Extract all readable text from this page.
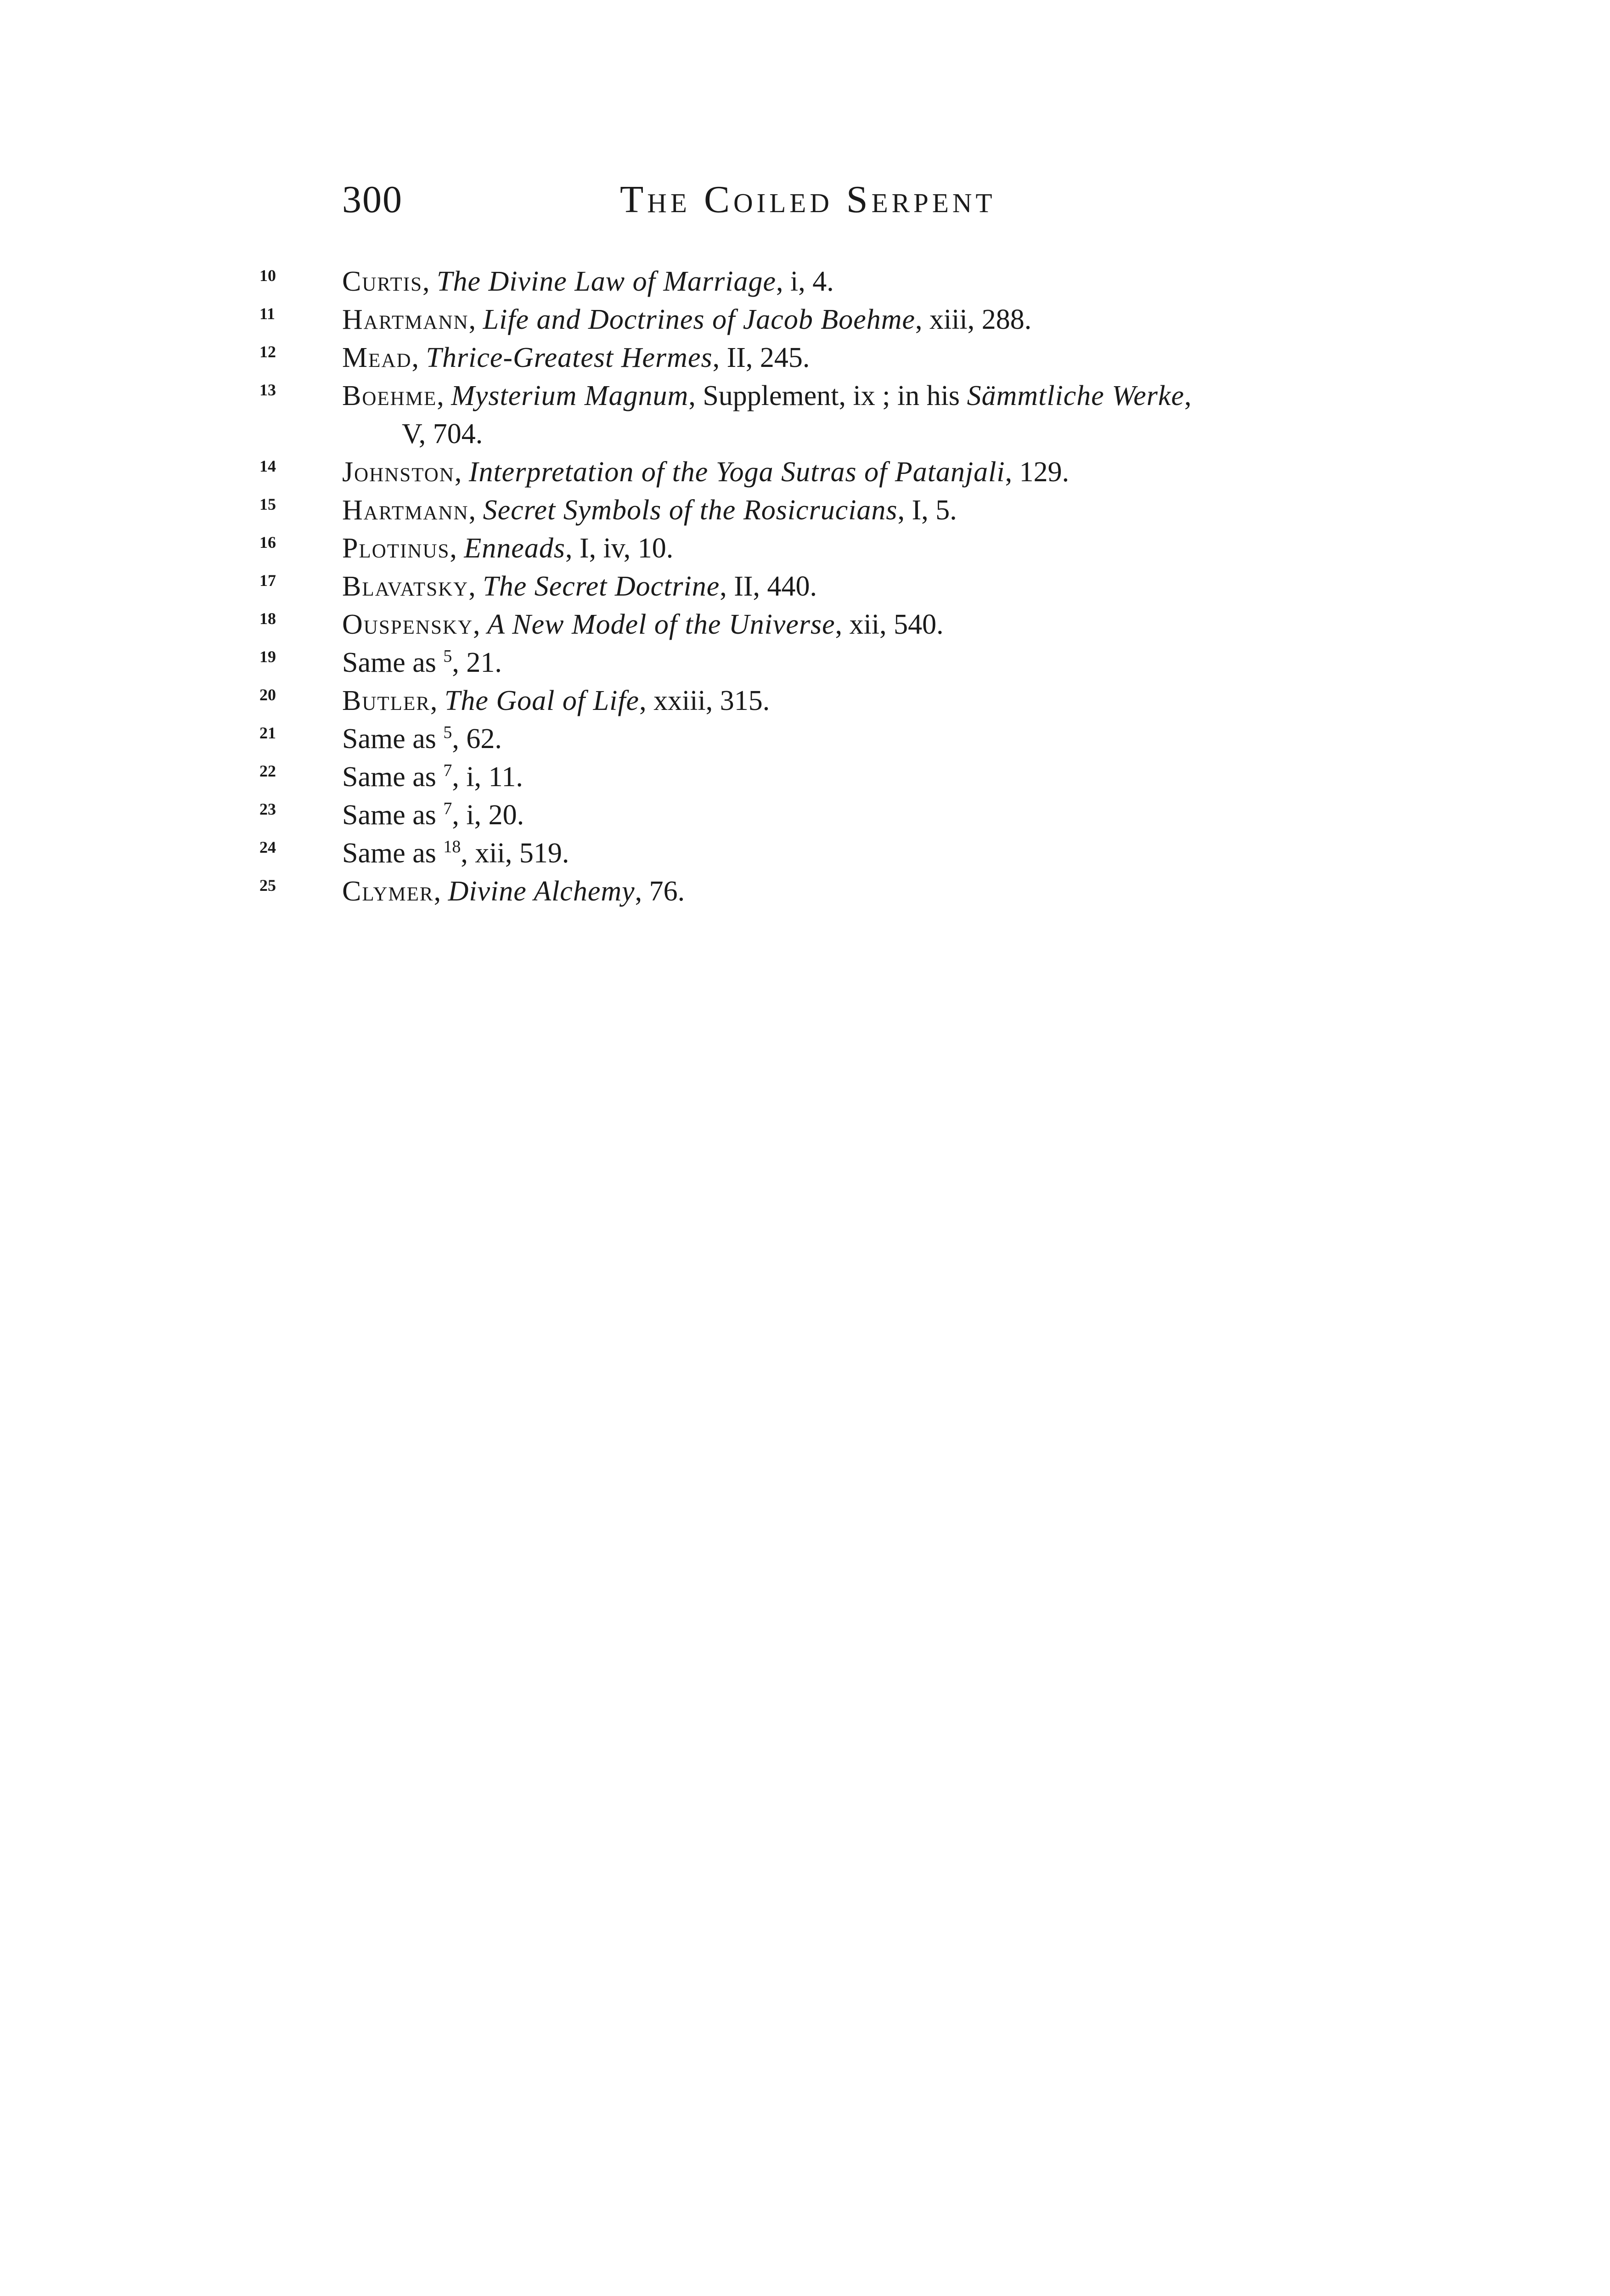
300	The Coiled Serpent
10 Curtis, The Divine Law of Marriage, i, 4.
11 Hartmann, Life and Doctrines of Jacob Boehme, xiii, 288.
12 Mead, Thrice-Greatest Hermes, II, 245.
13 Boehme, Mysterium Magnum, Supplement, ix ; in his Sämmtliche Werke,
V, 704.
14 Johnston, Interpretation of the Yoga Sutras of Patanjali, 129.
15 Hartmann, Secret Symbols of the Rosicrucians, I, 5.
16 Plotinus, Enneads, I, iv, 10.
17 Blavatsky, The Secret Doctrine, II, 440.
18 Ouspensky, A New Model of the Universe, xii, 540.
19 Same as $^5$, 21.
20 Butler, The Goal of Life, xxiii, 315.
21 Same as $^5$, 62.
22 Same as $^7$, i, 11.
23 Same as $^7$, i, 20.
24 Same as $^{18}$, xii, 519.
25 Clymer, Divine Alchemy, 76.
